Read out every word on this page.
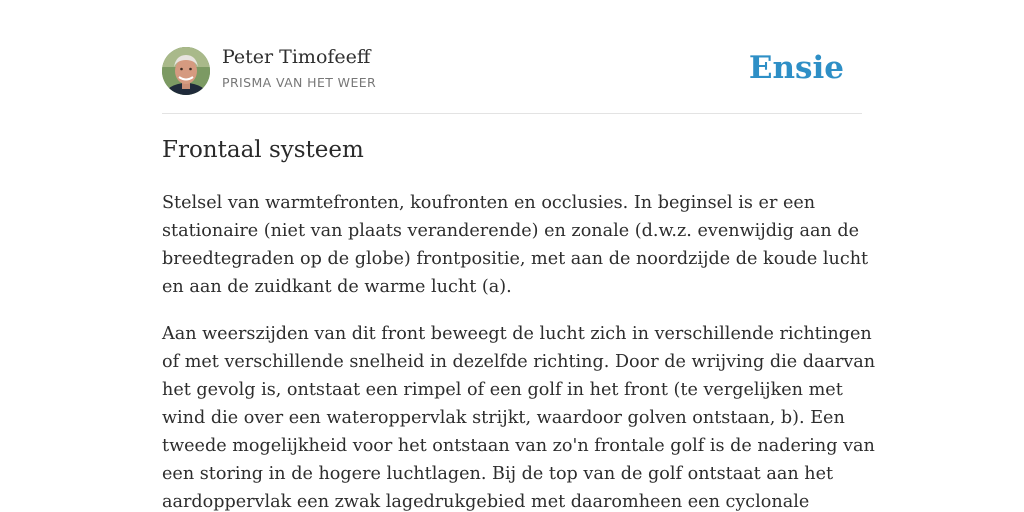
Peter Timofeeff
PRISMA VAN HET WEER	Ensie
Frontaal systeem

Stelsel van warmtefronten, koufronten en occlusies. In beginsel is er een
stationaire (niet van plaats veranderende) en zonale (d.w.z. evenwijdig aan de
breedtegraden op de globe) frontpositie, met aan de noordzijde de koude lucht
en aan de zuidkant de warme lucht (a).

Aan weerszijden van dit front beweegt de lucht zich in verschillende richtingen
of met verschillende snelheid in dezelfde richting. Door de wrijving die daarvan
het gevolg is, ontstaat een rimpel of een golf in het front (te vergelijken met
wind die over een wateroppervlak strijkt, waardoor golven ontstaan, b). Een
tweede mogelijkheid voor het ontstaan van zo'n frontale golf is de nadering van
een storing in de hogere luchtlagen. Bij de top van de golf ontstaat aan het
aardoppervlak een zwak lagedrukgebied met daaromheen een cyclonale
